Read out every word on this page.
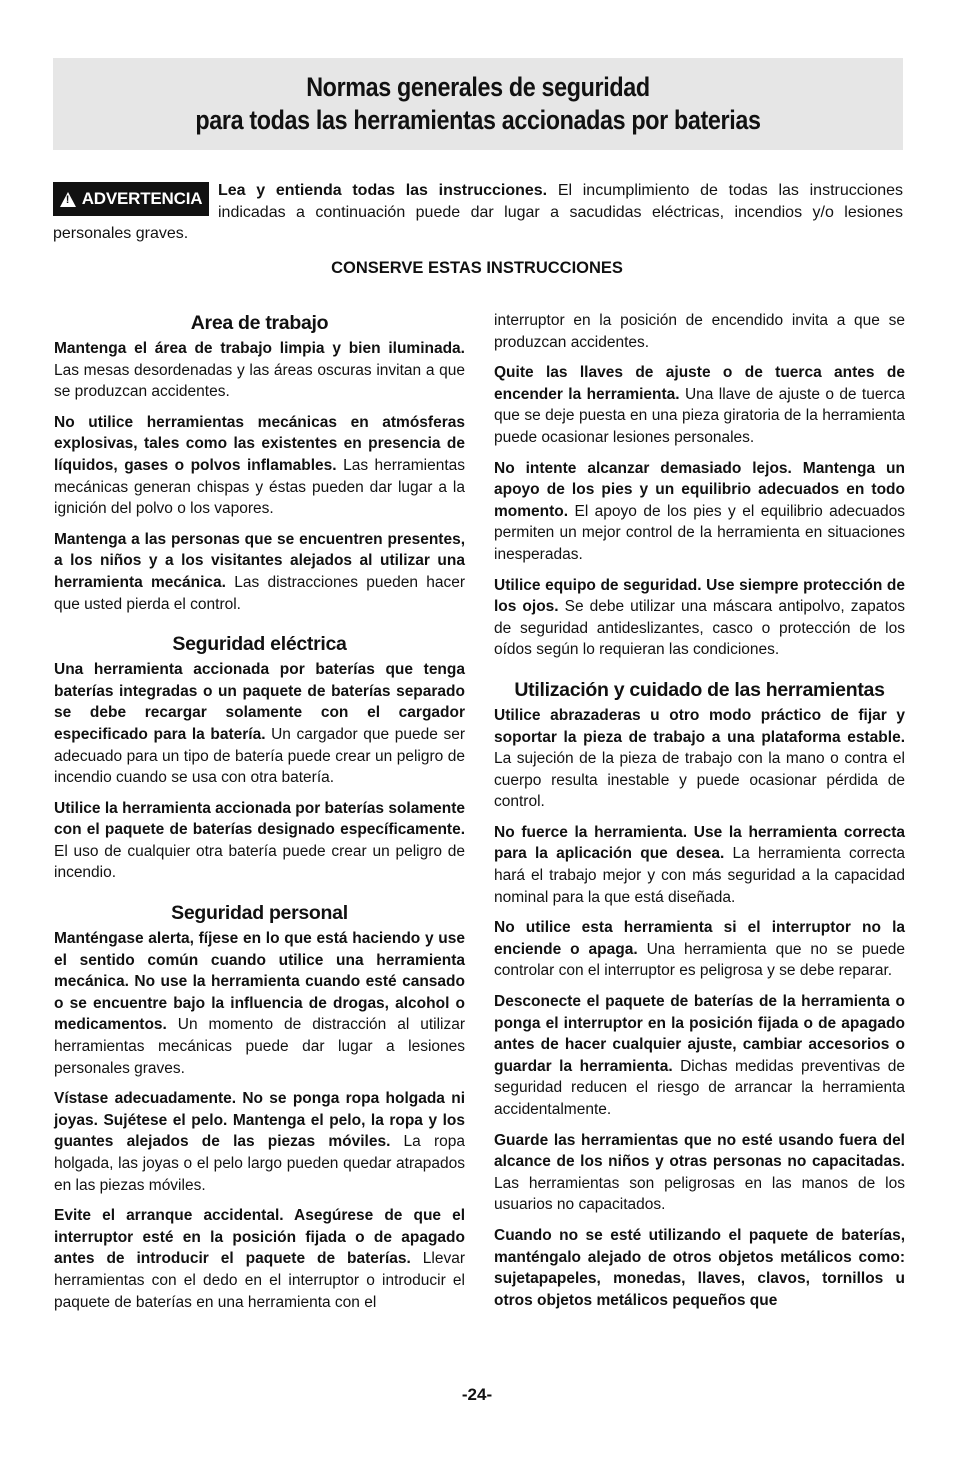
Normas generales de seguridad
para todas las herramientas accionadas por baterias
Lea y entienda todas las instrucciones. El incumplimiento de todas las instrucciones indicadas a continuación puede dar lugar a sacudidas eléctricas, incendios y/o lesiones personales graves.
! ADVERTENCIA
CONSERVE ESTAS INSTRUCCIONES
Area de trabajo

Mantenga el área de trabajo limpia y bien iluminada. Las mesas desordenadas y las áreas oscuras invitan a que se produzcan accidentes.

No utilice herramientas mecánicas en atmósferas explosivas, tales como las existentes en presencia de líquidos, gases o polvos inflamables. Las herramientas mecánicas generan chispas y éstas pueden dar lugar a la ignición del polvo o los vapores.

Mantenga a las personas que se encuentren presentes, a los niños y a los visitantes alejados al utilizar una herramienta mecánica. Las distracciones pueden hacer que usted pierda el control.

Seguridad eléctrica

Una herramienta accionada por baterías que tenga baterías integradas o un paquete de baterías separado se debe recargar solamente con el cargador especificado para la batería. Un cargador que puede ser adecuado para un tipo de batería puede crear un peligro de incendio cuando se usa con otra batería.

Utilice la herramienta accionada por baterías solamente con el paquete de baterías designado específicamente. El uso de cualquier otra batería puede crear un peligro de incendio.

Seguridad personal

Manténgase alerta, fíjese en lo que está haciendo y use el sentido común cuando utilice una herramienta mecánica. No use la herramienta cuando esté cansado o se encuentre bajo la influencia de drogas, alcohol o medicamentos. Un momento de distracción al utilizar herramientas mecánicas puede dar lugar a lesiones personales graves.

Vístase adecuadamente. No se ponga ropa holgada ni joyas. Sujétese el pelo. Mantenga el pelo, la ropa y los guantes alejados de las piezas móviles. La ropa holgada, las joyas o el pelo largo pueden quedar atrapados en las piezas móviles.

Evite el arranque accidental. Asegúrese de que el interruptor esté en la posición fijada o de apagado antes de introducir el paquete de baterías. Llevar herramientas con el dedo en el interruptor o introducir el paquete de baterías en una herramienta con el

interruptor en la posición de encendido invita a que se produzcan accidentes.

Quite las llaves de ajuste o de tuerca antes de encender la herramienta. Una llave de ajuste o de tuerca que se deje puesta en una pieza giratoria de la herramienta puede ocasionar lesiones personales.

No intente alcanzar demasiado lejos. Mantenga un apoyo de los pies y un equilibrio adecuados en todo momento. El apoyo de los pies y el equilibrio adecuados permiten un mejor control de la herramienta en situaciones inesperadas.

Utilice equipo de seguridad. Use siempre protección de los ojos. Se debe utilizar una máscara antipolvo, zapatos de seguridad antideslizantes, casco o protección de los oídos según lo requieran las condiciones.

Utilización y cuidado de las herramientas

Utilice abrazaderas u otro modo práctico de fijar y soportar la pieza de trabajo a una plataforma estable. La sujeción de la pieza de trabajo con la mano o contra el cuerpo resulta inestable y puede ocasionar pérdida de control.

No fuerce la herramienta. Use la herramienta correcta para la aplicación que desea. La herramienta correcta hará el trabajo mejor y con más seguridad a la capacidad nominal para la que está diseñada.

No utilice esta herramienta si el interruptor no la enciende o apaga. Una herramienta que no se puede controlar con el interruptor es peligrosa y se debe reparar.

Desconecte el paquete de baterías de la herramienta o ponga el interruptor en la posición fijada o de apagado antes de hacer cualquier ajuste, cambiar accesorios o guardar la herramienta. Dichas medidas preventivas de seguridad reducen el riesgo de arrancar la herramienta accidentalmente.

Guarde las herramientas que no esté usando fuera del alcance de los niños y otras personas no capacitadas. Las herramientas son peligrosas en las manos de los usuarios no capacitados.

Cuando no se esté utilizando el paquete de baterías, manténgalo alejado de otros objetos metálicos como: sujetapapeles, monedas, llaves, clavos, tornillos u otros objetos metálicos pequeños que

-24-
